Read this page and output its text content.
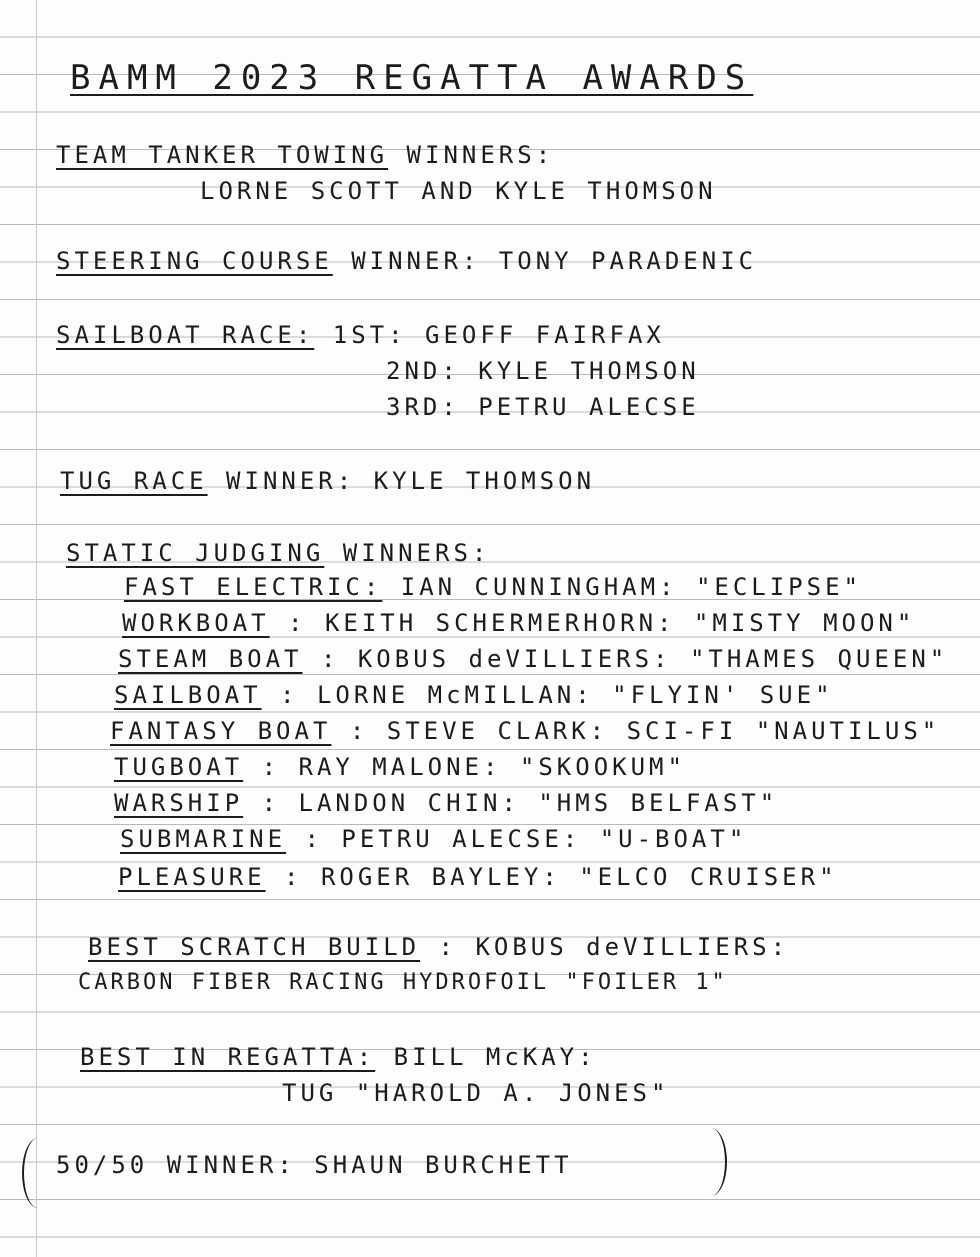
BAMM 2023 REGATTA AWARDS
TEAM TANKER TOWING WINNERS:
LORNE SCOTT AND KYLE THOMSON
STEERING COURSE WINNER: TONY PARADENIC
SAILBOAT RACE: 1ST: GEOFF FAIRFAX
2ND: KYLE THOMSON
3RD: PETRU ALECSE
TUG RACE WINNER: KYLE THOMSON
STATIC JUDGING WINNERS:
FAST ELECTRIC: IAN CUNNINGHAM: "ECLIPSE"
WORKBOAT : KEITH SCHERMERHORN: "MISTY MOON"
STEAM BOAT : KOBUS deVILLIERS: "THAMES QUEEN"
SAILBOAT : LORNE McMILLAN: "FLYIN' SUE"
FANTASY BOAT : STEVE CLARK: SCI-FI "NAUTILUS"
TUGBOAT : RAY MALONE: "SKOOKUM"
WARSHIP : LANDON CHIN: "HMS BELFAST"
SUBMARINE : PETRU ALECSE: "U-BOAT"
PLEASURE : ROGER BAYLEY: "ELCO CRUISER"
BEST SCRATCH BUILD : KOBUS deVILLIERS:
CARBON FIBER RACING HYDROFOIL "FOILER 1"
BEST IN REGATTA: BILL McKAY:
TUG "HAROLD A. JONES"
50/50 WINNER: SHAUN BURCHETT
